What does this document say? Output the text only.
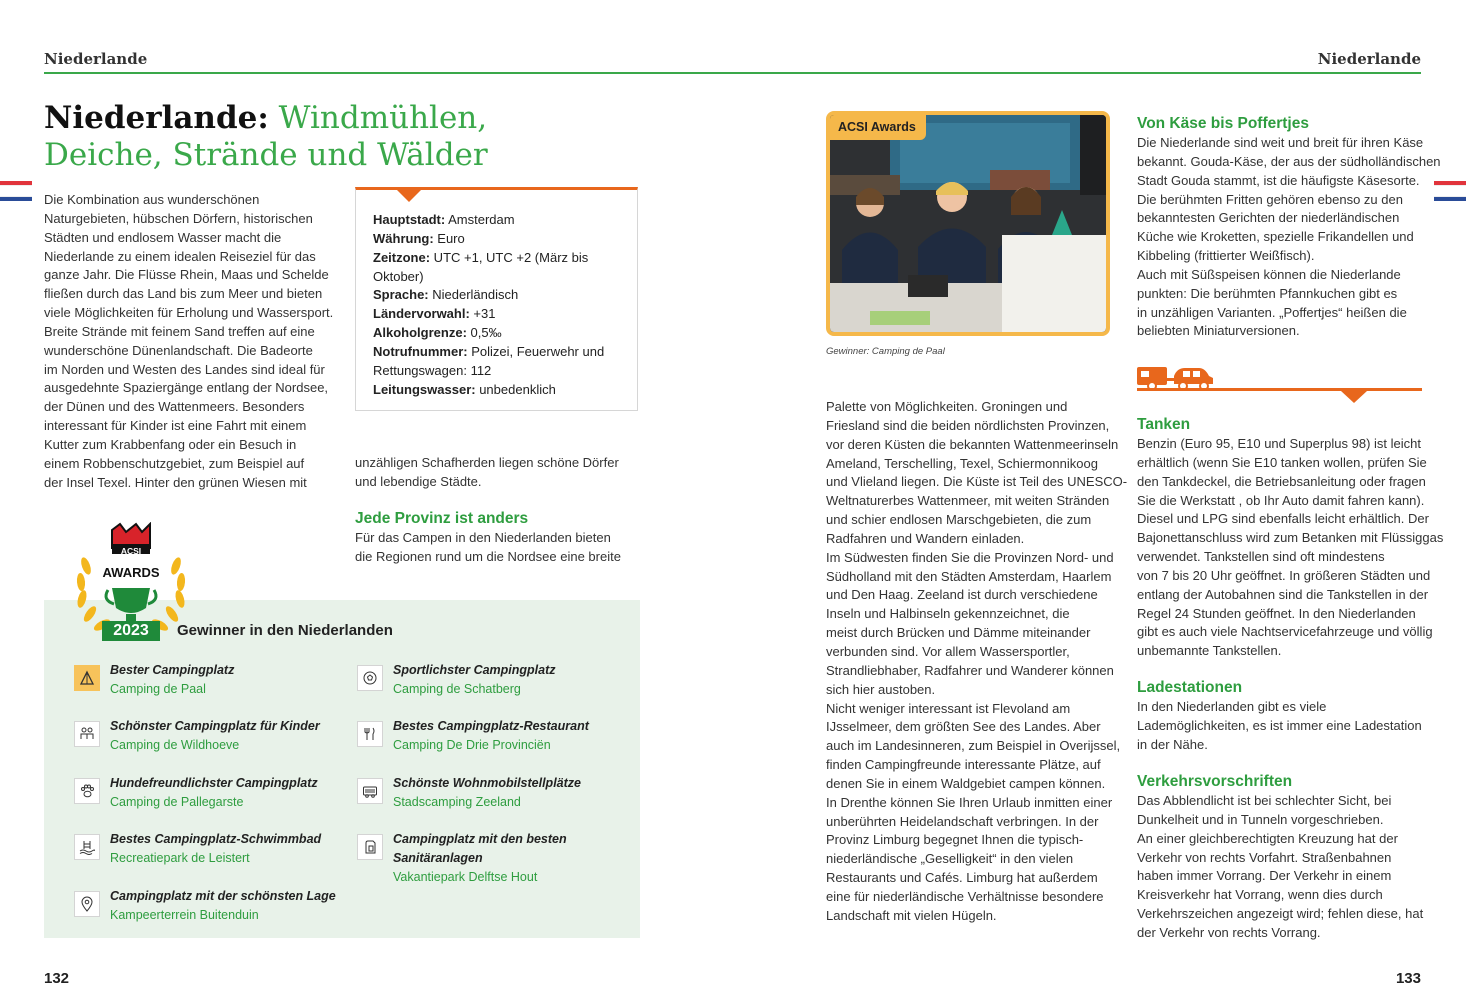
Niederlande	Niederlande
Niederlande: Windmühlen,
Deiche, Strände und Wälder
Die Kombination aus wunderschönen
Naturgebieten, hübschen Dörfern, historischen
Städten und endlosem Wasser macht die
Niederlande zu einem idealen Reiseziel für das
ganze Jahr. Die Flüsse Rhein, Maas und Schelde
fließen durch das Land bis zum Meer und bieten
viele Möglichkeiten für Erholung und Wassersport.
Breite Strände mit feinem Sand treffen auf eine
wunderschöne Dünenlandschaft. Die Badeorte
im Norden und Westen des Landes sind ideal für
ausgedehnte Spaziergänge entlang der Nordsee,
der Dünen und des Wattenmeers. Besonders
interessant für Kinder ist eine Fahrt mit einem
Kutter zum Krabbenfang oder ein Besuch in
einem Robbenschutzgebiet, zum Beispiel auf
der Insel Texel. Hinter den grünen Wiesen mit
Hauptstadt: Amsterdam
Währung: Euro
Zeitzone: UTC +1, UTC +2 (März bis Oktober)
Sprache: Niederländisch
Ländervorwahl: +31
Alkoholgrenze: 0,5‰
Notrufnummer: Polizei, Feuerwehr und Rettungswagen: 112
Leitungswasser: unbedenklich
unzähligen Schafherden liegen schöne Dörfer
und lebendige Städte.
Jede Provinz ist anders
Für das Campen in den Niederlanden bieten
die Regionen rund um die Nordsee eine breite
ACSI
AWARDS
2023	Gewinner in den Niederlanden
Bester Campingplatz
Camping de Paal
Schönster Campingplatz für Kinder
Camping de Wildhoeve
Hundefreundlichster Campingplatz
Camping de Pallegarste
Bestes Campingplatz-Schwimmbad
Recreatiepark de Leistert
Campingplatz mit der schönsten Lage
Kampeerterrein Buitenduin
Sportlichster Campingplatz
Camping de Schatberg
Bestes Campingplatz-Restaurant
Camping De Drie Provinciën
Schönste Wohnmobilstellplätze
Stadscamping Zeeland
Campingplatz mit den besten
Sanitäranlagen
Vakantiepark Delftse Hout
ACSI Awards
Gewinner: Camping de Paal
Palette von Möglichkeiten. Groningen und
Friesland sind die beiden nördlichsten Provinzen,
vor deren Küsten die bekannten Wattenmeerinseln
Ameland, Terschelling, Texel, Schiermonnikoog
und Vlieland liegen. Die Küste ist Teil des UNESCO-
Weltnaturerbes Wattenmeer, mit weiten Stränden
und schier endlosen Marschgebieten, die zum
Radfahren und Wandern einladen.
Im Südwesten finden Sie die Provinzen Nord- und
Südholland mit den Städten Amsterdam, Haarlem
und Den Haag. Zeeland ist durch verschiedene
Inseln und Halbinseln gekennzeichnet, die
meist durch Brücken und Dämme miteinander
verbunden sind. Vor allem Wassersportler,
Strandliebhaber, Radfahrer und Wanderer können
sich hier austoben.
Nicht weniger interessant ist Flevoland am
IJsselmeer, dem größten See des Landes. Aber
auch im Landesinneren, zum Beispiel in Overijssel,
finden Campingfreunde interessante Plätze, auf
denen Sie in einem Waldgebiet campen können.
In Drenthe können Sie Ihren Urlaub inmitten einer
unberührten Heidelandschaft verbringen. In der
Provinz Limburg begegnet Ihnen die typisch-
niederländische „Geselligkeit“ in den vielen
Restaurants und Cafés. Limburg hat außerdem
eine für niederländische Verhältnisse besondere
Landschaft mit vielen Hügeln.
Von Käse bis Poffertjes
Die Niederlande sind weit und breit für ihren Käse
bekannt. Gouda-Käse, der aus der südholländischen
Stadt Gouda stammt, ist die häufigste Käsesorte.
Die berühmten Fritten gehören ebenso zu den
bekanntesten Gerichten der niederländischen
Küche wie Kroketten, spezielle Frikandellen und
Kibbeling (frittierter Weißfisch).
Auch mit Süßspeisen können die Niederlande
punkten: Die berühmten Pfannkuchen gibt es
in unzähligen Varianten. „Poffertjes“ heißen die
beliebten Miniaturversionen.
Tanken
Benzin (Euro 95, E10 und Superplus 98) ist leicht
erhältlich (wenn Sie E10 tanken wollen, prüfen Sie
den Tankdeckel, die Betriebsanleitung oder fragen
Sie die Werkstatt , ob Ihr Auto damit fahren kann).
Diesel und LPG sind ebenfalls leicht erhältlich. Der
Bajonettanschluss wird zum Betanken mit Flüssiggas
verwendet. Tankstellen sind oft mindestens
von 7 bis 20 Uhr geöffnet. In größeren Städten und
entlang der Autobahnen sind die Tankstellen in der
Regel 24 Stunden geöffnet. In den Niederlanden
gibt es auch viele Nachtservicefahrzeuge und völlig
unbemannte Tankstellen.
Ladestationen
In den Niederlanden gibt es viele
Lademöglichkeiten, es ist immer eine Ladestation
in der Nähe.
Verkehrsvorschriften
Das Abblendlicht ist bei schlechter Sicht, bei
Dunkelheit und in Tunneln vorgeschrieben.
An einer gleichberechtigten Kreuzung hat der
Verkehr von rechts Vorfahrt. Straßenbahnen
haben immer Vorrang. Der Verkehr in einem
Kreisverkehr hat Vorrang, wenn dies durch
Verkehrszeichen angezeigt wird; fehlen diese, hat
der Verkehr von rechts Vorrang.
132	133
